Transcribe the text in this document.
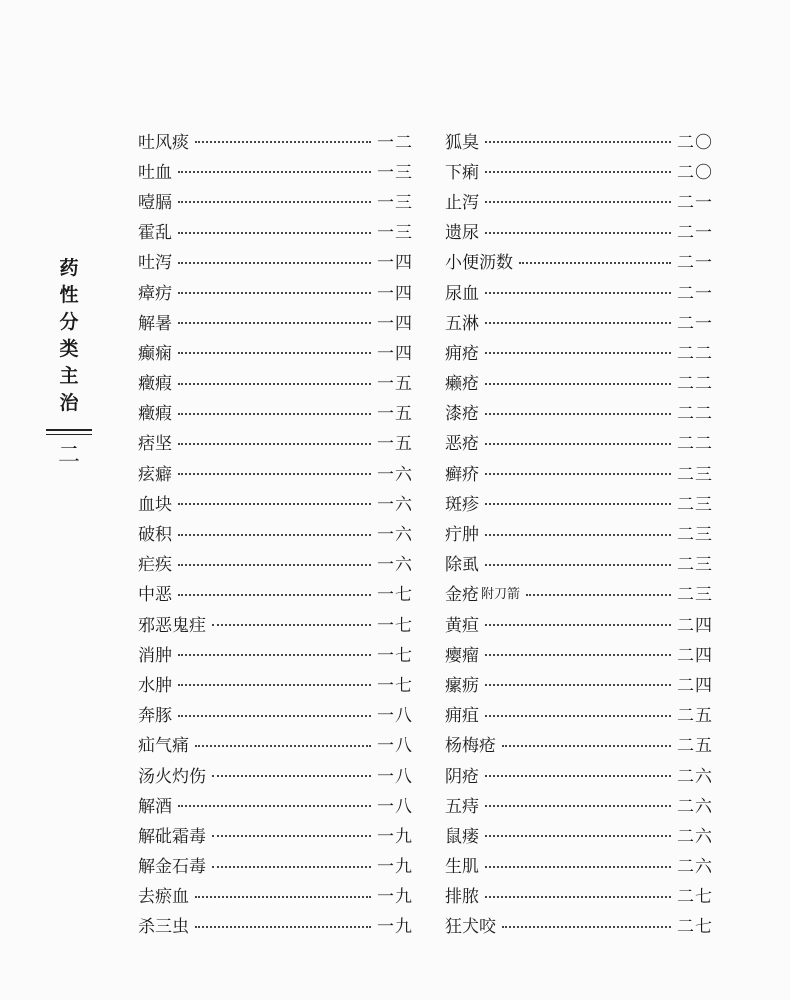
药
性
分
类
主
治
二
吐风痰	一二
吐血	一三
噎膈	一三
霍乱	一三
吐泻	一四
瘴疠	一四
解暑	一四
癫痫	一四
癥瘕	一五
癥瘕	一五
痞坚	一五
痃癖	一六
血块	一六
破积	一六
疟疾	一六
中恶	一七
邪恶鬼疰	一七
消肿	一七
水肿	一七
奔豚	一八
疝气痛	一八
汤火灼伤	一八
解酒	一八
解砒霜毒	一九
解金石毒	一九
去瘀血	一九
杀三虫	一九
狐臭	二〇
下痢	二〇
止泻	二一
遗尿	二一
小便沥数	二一
尿血	二一
五淋	二一
痈疮	二二
癞疮	二二
漆疮	二二
恶疮	二二
癣疥	二三
斑疹	二三
疔肿	二三
除虱	二三
金疮 附刀箭	二三
黄疸	二四
瘿瘤	二四
瘰疬	二四
痈疽	二五
杨梅疮	二五
阴疮	二六
五痔	二六
鼠瘘	二六
生肌	二六
排脓	二七
狂犬咬	二七
